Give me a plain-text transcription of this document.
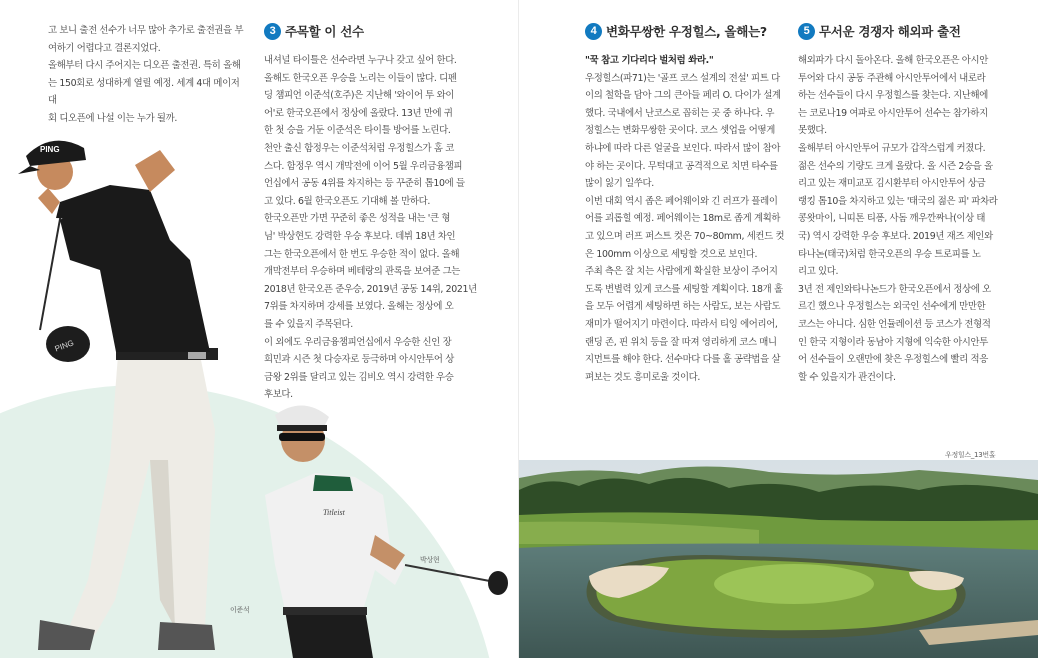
고 보니 출전 선수가 너무 많아 추가로 출전권을 부
여하기 어렵다고 결론지었다.
올해부터 다시 주어지는 디오픈 출전권. 특히 올해
는 150회로 성대하게 열릴 예정. 세계 4대 메이저 대
회 디오픈에 나설 이는 누가 될까.
3 주목할 이 선수

내셔널 타이틀은 선수라면 누구나 갖고 싶어 한다.
올해도 한국오픈 우승을 노리는 이들이 많다. 디펜
딩 챔피언 이준석(호주)은 지난해 '와이어 투 와이
어'로 한국오픈에서 정상에 올랐다. 13년 만에 귀
한 첫 승을 거둔 이준석은 타이틀 방어를 노린다.

천안 출신 함정우는 이준석처럼 우정힐스가 홈 코
스다. 함정우 역시 개막전에 이어 5월 우리금융챔피
언십에서 공동 4위를 차지하는 등 꾸준히 톱10에 들
고 있다. 6월 한국오픈도 기대해 볼 만하다.

한국오픈만 가면 꾸준히 좋은 성적을 내는 '큰 형
님' 박상현도 강력한 우승 후보다. 데뷔 18년 차인
그는 한국오픈에서 한 번도 우승한 적이 없다. 올해
개막전부터 우승하며 베테랑의 관록을 보여준 그는
2018년 한국오픈 준우승, 2019년 공동 14위, 2021년
7위를 차지하며 강세를 보였다. 올해는 정상에 오
를 수 있을지 주목된다.

이 외에도 우리금융챔피언십에서 우승한 신인 장
희민과 시즌 첫 다승자로 등극하며 아시안투어 상
금왕 2위를 달리고 있는 김비오 역시 강력한 우승
후보다.

PING
PING
이준석
Titleist
박상현
4 변화무쌍한 우정힐스, 올해는?

"꾹 참고 기다리다 벌처럼 쏴라."

우정힐스(파71)는 '골프 코스 설계의 전설' 피트 다
이의 철학을 담아 그의 큰아들 페리 O. 다이가 설계
했다. 국내에서 난코스로 꼽히는 곳 중 하나다. 우
정힐스는 변화무쌍한 곳이다. 코스 셋업을 어떻게
하냐에 따라 다른 얼굴을 보인다. 따라서 많이 참아
야 하는 곳이다. 무턱대고 공격적으로 치면 타수를
많이 잃기 일쑤다.

이번 대회 역시 좁은 페어웨이와 긴 러프가 플레이
어를 괴롭힐 예정. 페어웨이는 18m로 좁게 계획하
고 있으며 러프 퍼스트 컷은 70~80mm, 세컨드 컷
은 100mm 이상으로 세팅할 것으로 보인다.

주최 측은 잘 치는 사람에게 확실한 보상이 주어지
도록 변별력 있게 코스를 세팅할 계획이다. 18개 홀
을 모두 어렵게 세팅하면 하는 사람도, 보는 사람도
재미가 떨어지기 마련이다. 따라서 티잉 에어리어,
랜딩 존, 핀 위치 등을 잘 따져 영리하게 코스 매니
지먼트를 해야 한다. 선수마다 다를 홀 공략법을 살
펴보는 것도 흥미로울 것이다.

5 무서운 경쟁자 해외파 출전

해외파가 다시 돌아온다. 올해 한국오픈은 아시안
투어와 다시 공동 주관해 아시안투어에서 내로라
하는 선수들이 다시 우정힐스를 찾는다. 지난해에
는 코로나19 여파로 아시안투어 선수는 참가하지
못했다.

올해부터 아시안투어 규모가 갑작스럽게 커졌다.
젊은 선수의 기량도 크게 올랐다. 올 시즌 2승을 올
리고 있는 재미교포 김시환부터 아시안투어 상금
랭킹 톱10을 차지하고 있는 '태국의 젊은 피' 파차라
콩왓마이, 니띠톤 티퐁, 사돔 깨우깐짜나(이상 태
국) 역시 강력한 우승 후보다. 2019년 재즈 제인와
타나논(태국)처럼 한국오픈의 우승 트로피를 노
리고 있다.

3년 전 제인와타나논드가 한국오픈에서 정상에 오
르긴 했으나 우정힐스는 외국인 선수에게 만만한
코스는 아니다. 심한 언듈레이션 등 코스가 전형적
인 한국 지형이라 동남아 지형에 익숙한 아시안투
어 선수들이 오랜만에 찾은 우정힐스에 빨리 적응
할 수 있을지가 관건이다.

우정힐스_13번홀
